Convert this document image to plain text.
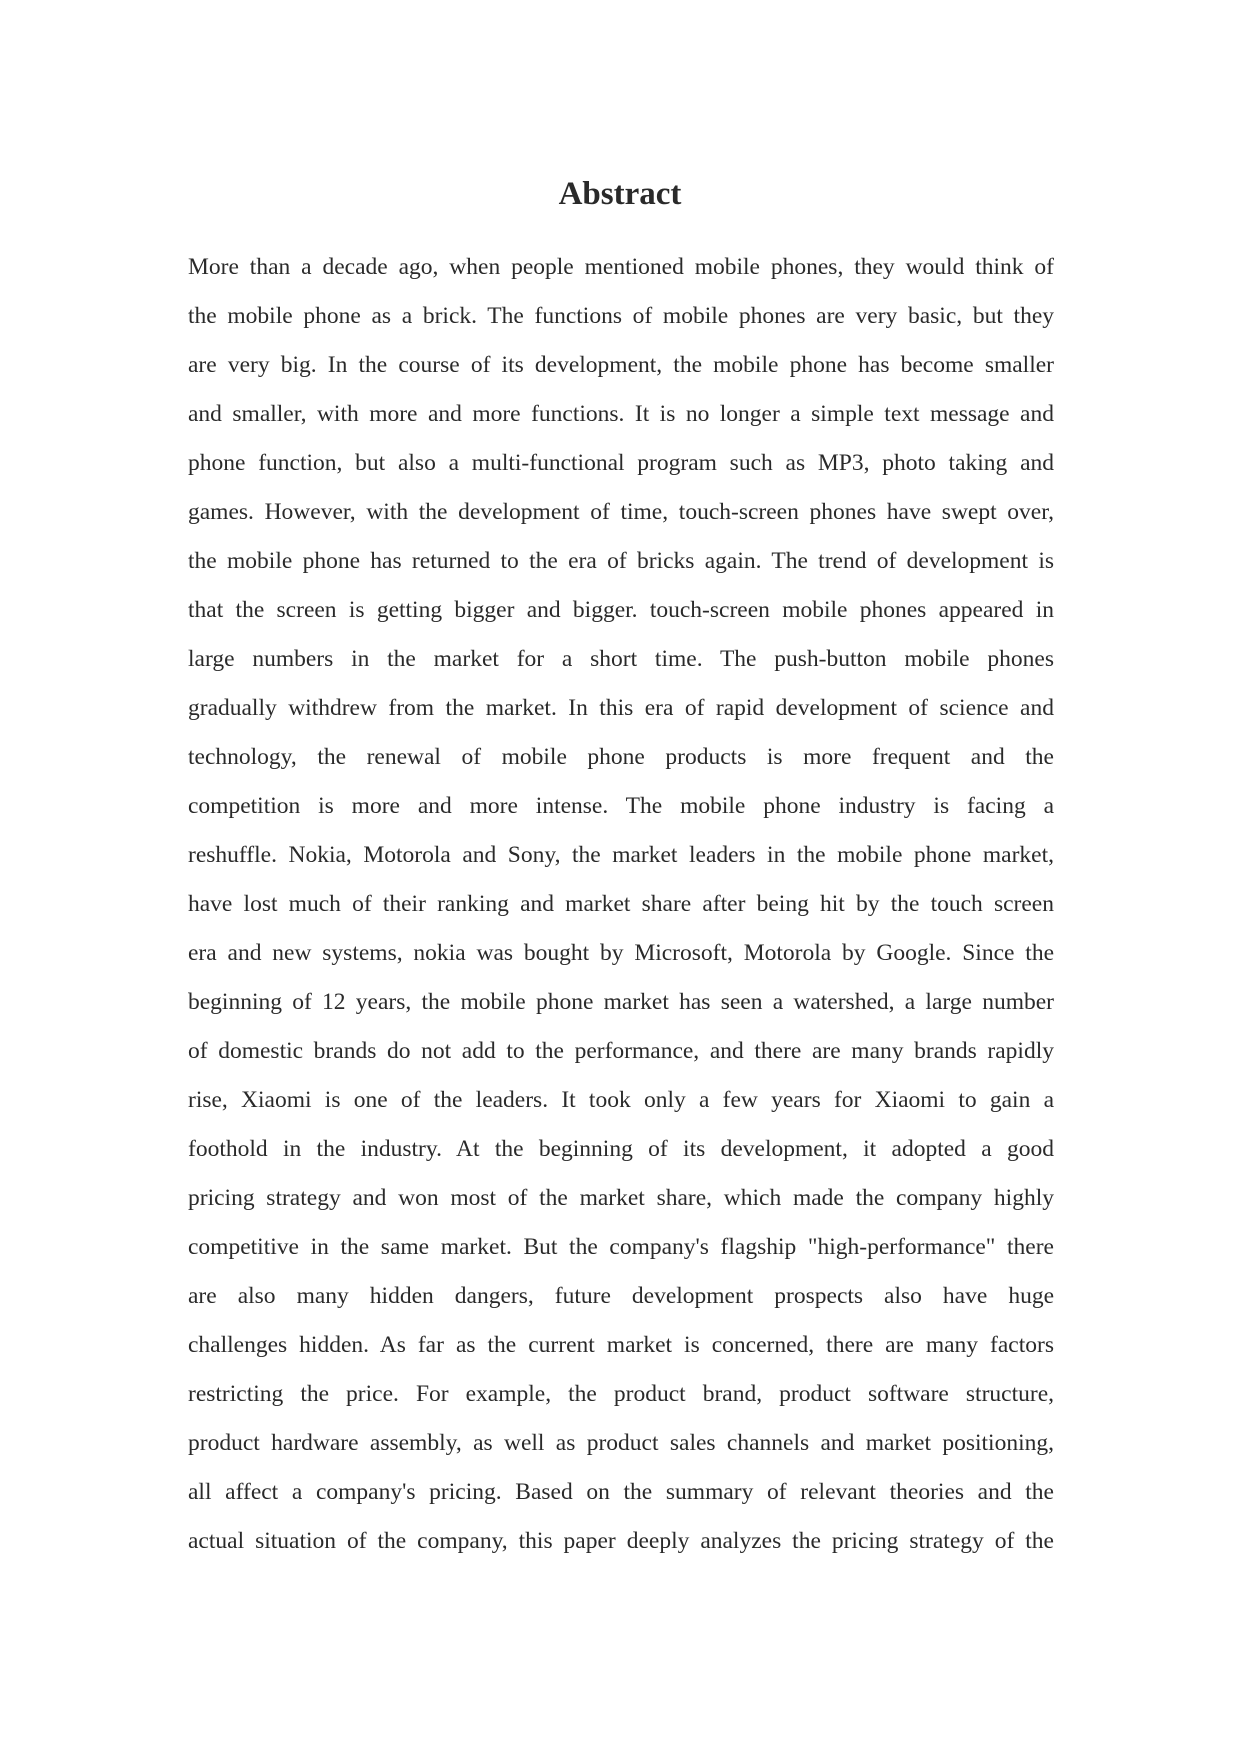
Abstract
More than a decade ago, when people mentioned mobile phones, they would think of
the mobile phone as a brick. The functions of mobile phones are very basic, but they
are very big. In the course of its development, the mobile phone has become smaller
and smaller, with more and more functions. It is no longer a simple text message and
phone function, but also a multi-functional program such as MP3, photo taking and
games. However, with the development of time, touch-screen phones have swept over,
the mobile phone has returned to the era of bricks again. The trend of development is
that the screen is getting bigger and bigger. touch-screen mobile phones appeared in
large numbers in the market for a short time. The push-button mobile phones
gradually withdrew from the market. In this era of rapid development of science and
technology, the renewal of mobile phone products is more frequent and the
competition is more and more intense. The mobile phone industry is facing a
reshuffle. Nokia, Motorola and Sony, the market leaders in the mobile phone market,
have lost much of their ranking and market share after being hit by the touch screen
era and new systems, nokia was bought by Microsoft, Motorola by Google. Since the
beginning of 12 years, the mobile phone market has seen a watershed, a large number
of domestic brands do not add to the performance, and there are many brands rapidly
rise, Xiaomi is one of the leaders. It took only a few years for Xiaomi to gain a
foothold in the industry. At the beginning of its development, it adopted a good
pricing strategy and won most of the market share, which made the company highly
competitive in the same market. But the company's flagship "high-performance" there
are also many hidden dangers, future development prospects also have huge
challenges hidden. As far as the current market is concerned, there are many factors
restricting the price. For example, the product brand, product software structure,
product hardware assembly, as well as product sales channels and market positioning,
all affect a company's pricing. Based on the summary of relevant theories and the
actual situation of the company, this paper deeply analyzes the pricing strategy of the
